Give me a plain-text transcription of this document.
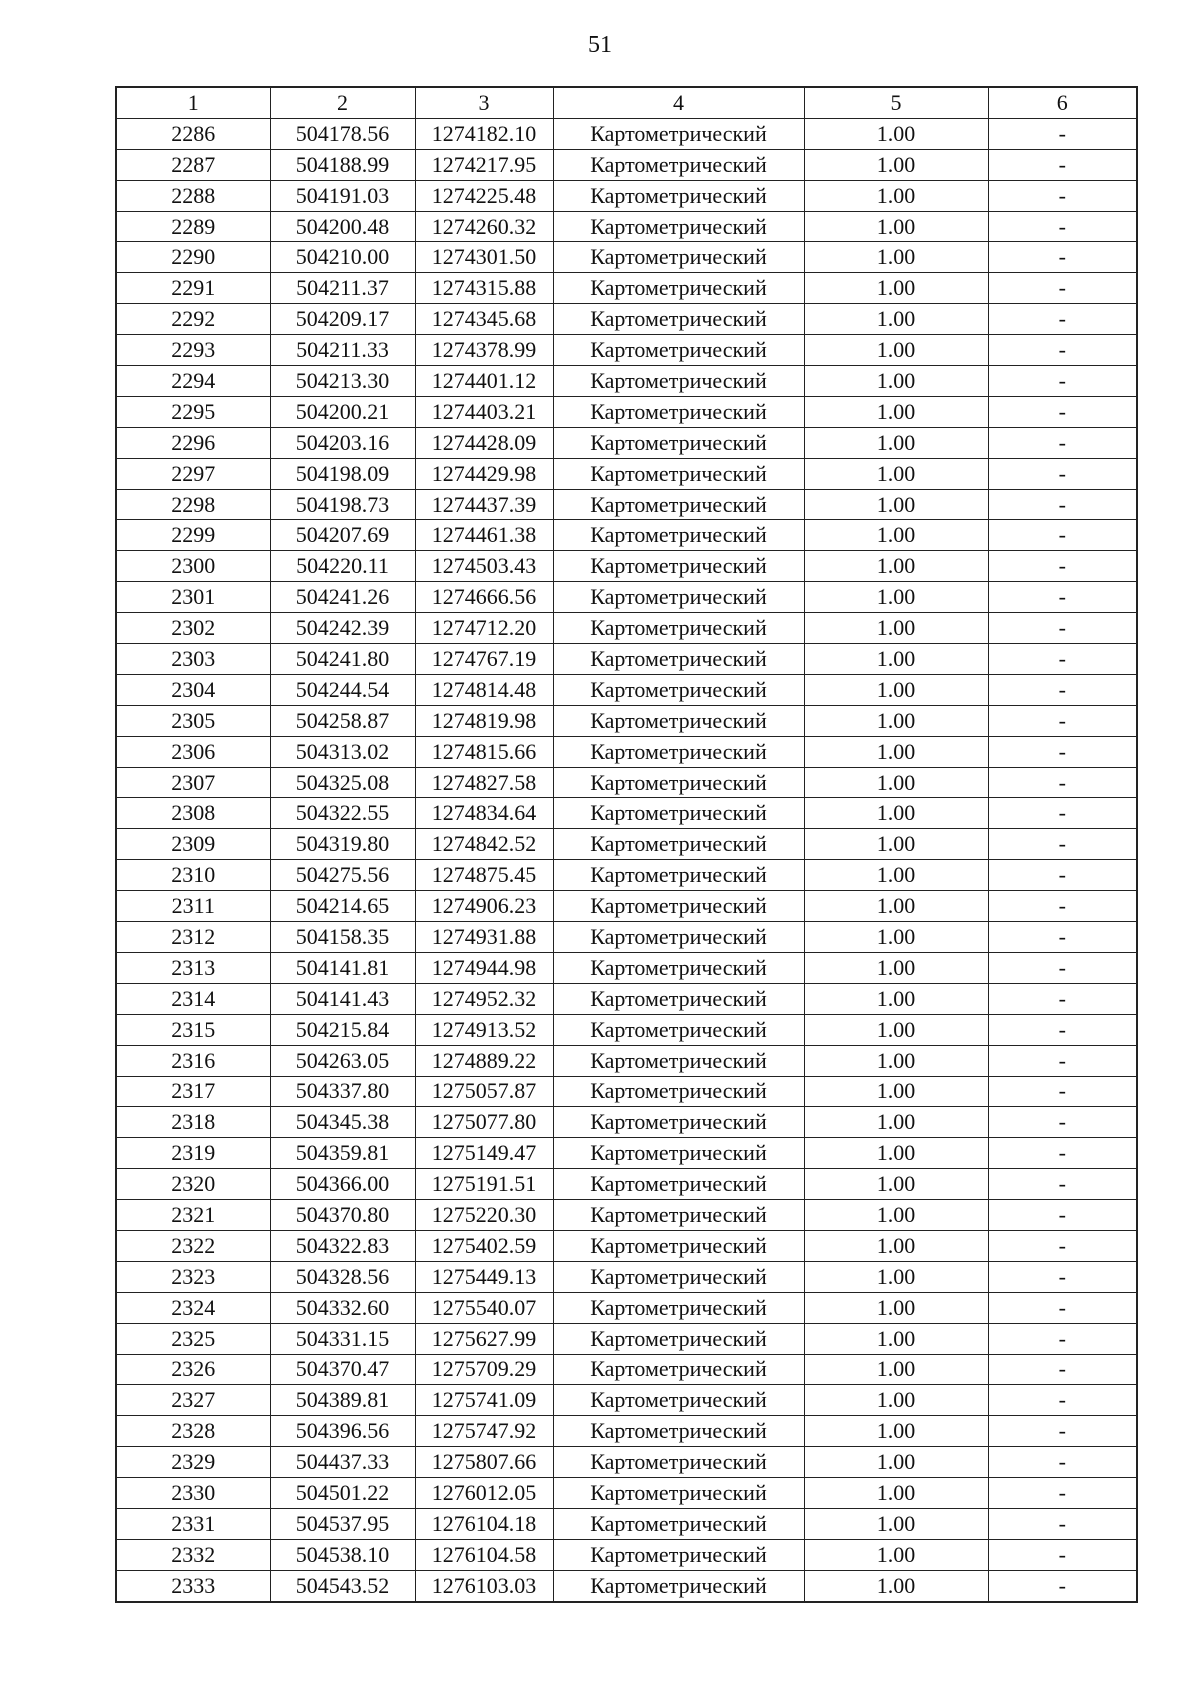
51
1	2	3	4	5	6
2286	504178.56	1274182.10	Картометрический	1.00	-
2287	504188.99	1274217.95	Картометрический	1.00	-
2288	504191.03	1274225.48	Картометрический	1.00	-
2289	504200.48	1274260.32	Картометрический	1.00	-
2290	504210.00	1274301.50	Картометрический	1.00	-
2291	504211.37	1274315.88	Картометрический	1.00	-
2292	504209.17	1274345.68	Картометрический	1.00	-
2293	504211.33	1274378.99	Картометрический	1.00	-
2294	504213.30	1274401.12	Картометрический	1.00	-
2295	504200.21	1274403.21	Картометрический	1.00	-
2296	504203.16	1274428.09	Картометрический	1.00	-
2297	504198.09	1274429.98	Картометрический	1.00	-
2298	504198.73	1274437.39	Картометрический	1.00	-
2299	504207.69	1274461.38	Картометрический	1.00	-
2300	504220.11	1274503.43	Картометрический	1.00	-
2301	504241.26	1274666.56	Картометрический	1.00	-
2302	504242.39	1274712.20	Картометрический	1.00	-
2303	504241.80	1274767.19	Картометрический	1.00	-
2304	504244.54	1274814.48	Картометрический	1.00	-
2305	504258.87	1274819.98	Картометрический	1.00	-
2306	504313.02	1274815.66	Картометрический	1.00	-
2307	504325.08	1274827.58	Картометрический	1.00	-
2308	504322.55	1274834.64	Картометрический	1.00	-
2309	504319.80	1274842.52	Картометрический	1.00	-
2310	504275.56	1274875.45	Картометрический	1.00	-
2311	504214.65	1274906.23	Картометрический	1.00	-
2312	504158.35	1274931.88	Картометрический	1.00	-
2313	504141.81	1274944.98	Картометрический	1.00	-
2314	504141.43	1274952.32	Картометрический	1.00	-
2315	504215.84	1274913.52	Картометрический	1.00	-
2316	504263.05	1274889.22	Картометрический	1.00	-
2317	504337.80	1275057.87	Картометрический	1.00	-
2318	504345.38	1275077.80	Картометрический	1.00	-
2319	504359.81	1275149.47	Картометрический	1.00	-
2320	504366.00	1275191.51	Картометрический	1.00	-
2321	504370.80	1275220.30	Картометрический	1.00	-
2322	504322.83	1275402.59	Картометрический	1.00	-
2323	504328.56	1275449.13	Картометрический	1.00	-
2324	504332.60	1275540.07	Картометрический	1.00	-
2325	504331.15	1275627.99	Картометрический	1.00	-
2326	504370.47	1275709.29	Картометрический	1.00	-
2327	504389.81	1275741.09	Картометрический	1.00	-
2328	504396.56	1275747.92	Картометрический	1.00	-
2329	504437.33	1275807.66	Картометрический	1.00	-
2330	504501.22	1276012.05	Картометрический	1.00	-
2331	504537.95	1276104.18	Картометрический	1.00	-
2332	504538.10	1276104.58	Картометрический	1.00	-
2333	504543.52	1276103.03	Картометрический	1.00	-
